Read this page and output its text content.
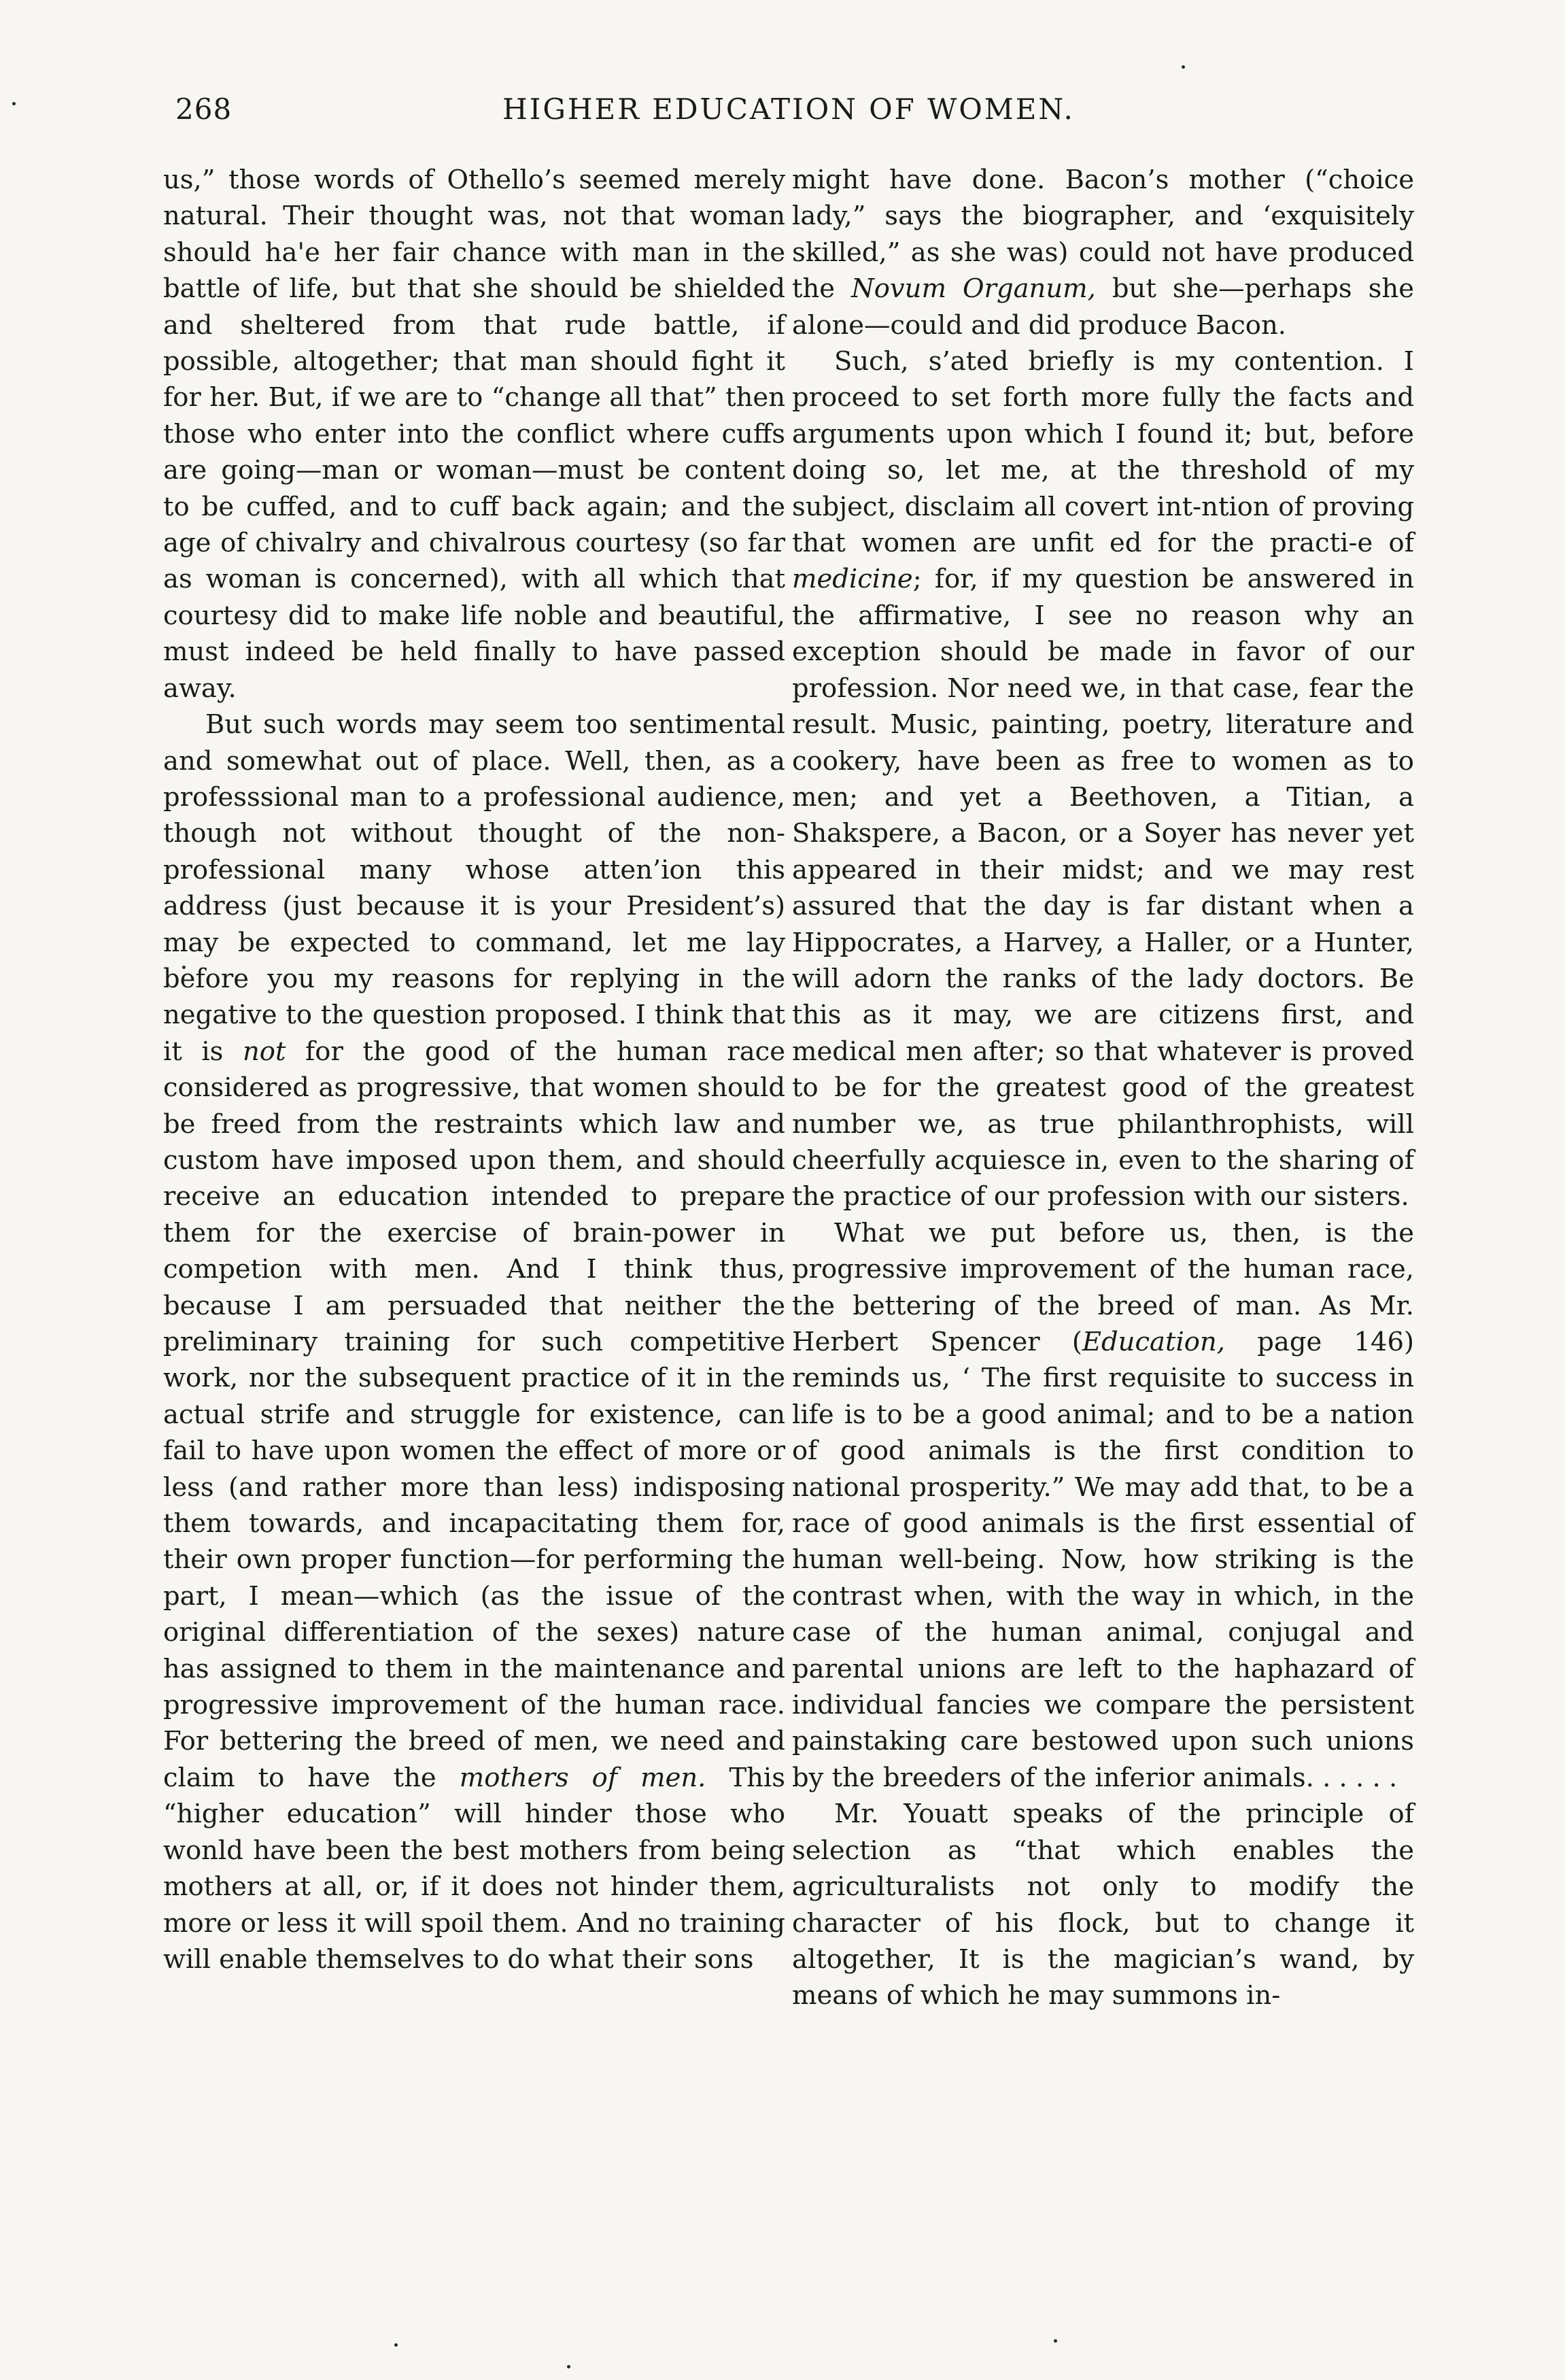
268	HIGHER EDUCATION OF WOMEN.

us,” those words of Othello’s seemed merely natural. Their thought was, not that woman should ha'e her fair chance with man in the battle of life, but that she should be shielded and sheltered from that rude battle, if possible, altogether; that man should fight it for her. But, if we are to “change all that” then those who enter into the conflict where cuffs are going—man or woman—must be content to be cuffed, and to cuff back again; and the age of chivalry and chivalrous courtesy (so far as woman is concerned), with all which that courtesy did to make life noble and beautiful, must indeed be held finally to have passed away.

But such words may seem too sentimental and somewhat out of place. Well, then, as a professsional man to a professional audience, though not without thought of the non-professional many whose atten’ion this address (just because it is your President’s) may be expected to command, let me lay before you my reasons for replying in the negative to the question proposed. I think that it is not for the good of the human race considered as progressive, that women should be freed from the restraints which law and custom have imposed upon them, and should receive an education intended to prepare them for the exercise of brain-power in competion with men. And I think thus, because I am persuaded that neither the preliminary training for such competitive work, nor the subsequent practice of it in the actual strife and struggle for existence, can fail to have upon women the effect of more or less (and rather more than less) indisposing them towards, and incapacitating them for, their own proper function—for performing the part, I mean—which (as the issue of the original differentiation of the sexes) nature has assigned to them in the maintenance and progressive improvement of the human race. For bettering the breed of men, we need and claim to have the mothers of men. This “higher education” will hinder those who wonld have been the best mothers from being mothers at all, or, if it does not hinder them, more or less it will spoil them. And no training will enable themselves to do what their sons

might have done. Bacon’s mother (“choice lady,” says the biographer, and ‘exquisitely skilled,” as she was) could not have produced the Novum Organum, but she—perhaps she alone—could and did produce Bacon.

Such, s’ated briefly is my contention. I proceed to set forth more fully the facts and arguments upon which I found it; but, before doing so, let me, at the threshold of my subject, disclaim all covert int-ntion of proving that women are unfit ed for the practi-e of medicine; for, if my question be answered in the affirmative, I see no reason why an exception should be made in favor of our profession. Nor need we, in that case, fear the result. Music, painting, poetry, literature and cookery, have been as free to women as to men; and yet a Beethoven, a Titian, a Shakspere, a Bacon, or a Soyer has never yet appeared in their midst; and we may rest assured that the day is far distant when a Hippocrates, a Harvey, a Haller, or a Hunter, will adorn the ranks of the lady doctors. Be this as it may, we are citizens first, and medical men after; so that whatever is proved to be for the greatest good of the greatest number we, as true philanthrophists, will cheerfully acquiesce in, even to the sharing of the practice of our profession with our sisters.

What we put before us, then, is the progressive improvement of the human race, the bettering of the breed of man. As Mr. Herbert Spencer (Education, page 146) reminds us, ‘ The first requisite to success in life is to be a good animal; and to be a nation of good animals is the first condition to national prosperity.” We may add that, to be a race of good animals is the first essential of human well-being. Now, how striking is the contrast when, with the way in which, in the case of the human animal, conjugal and parental unions are left to the haphazard of individual fancies we compare the persistent painstaking care bestowed upon such unions by the breeders of the inferior animals. . . . . .

Mr. Youatt speaks of the principle of selection as “that which enables the agriculturalists not only to modify the character of his flock, but to change it altogether, It is the magician’s wand, by means of which he may summons in-
